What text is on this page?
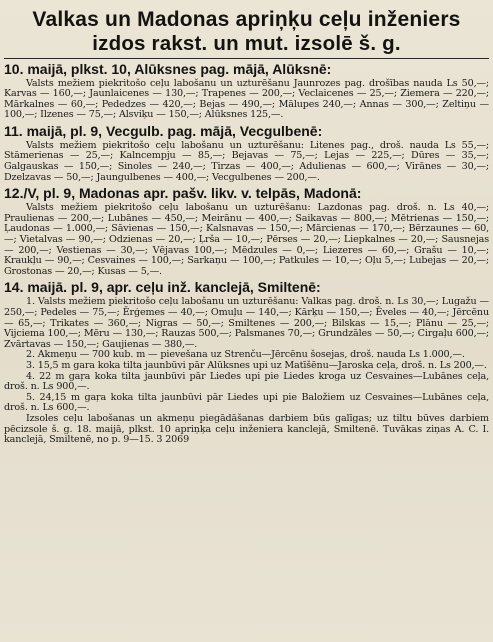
Valkas un Madonas apriņķu ceļu inženiers
izdos rakst. un mut. izsolē š. g.
10. maijā, plkst. 10, Alūksnes pag. mājā, Alūksnē:

Valsts mežiem piekritošo ceļu labošanu un uzturēšanu Jaunrozes pag. drošības nauda Ls 50,—; Karvas — 160,—; Jaunlaicenes — 130,—; Trapenes — 200,—; Veclaicenes — 25,—; Ziemera — 220,—; Mārkalnes — 60,—; Pededzes — 420,—; Bejas — 490,—; Mālupes 240,—; Annas — 300,—; Zeltiņu — 100,—; Ilzenes — 75,—; Alsviķu — 150,—; Alūksnes 125,—.

11. maijā, pl. 9, Vecgulb. pag. mājā, Vecgulbenē:

Valsts mežiem piekritošo ceļu labošanu un uzturēšanu: Litenes pag., droš. nauda Ls 55,—; Stāmerienas — 25,—; Kalncempju — 85,—; Bejavas — 75,—; Lejas — 225,—; Dūres — 35,—; Galgauskas — 150,—; Sinoles — 240,—; Tirzas — 400,—; Adulienas — 600,—; Virānes — 30,—; Dzelzavas — 50,—; Jaungulbenes — 400,—; Vecgulbenes — 200,—.

12./V, pl. 9, Madonas apr. pašv. likv. v. telpās, Madonā:

Valsts mežiem piekritošo ceļu labošanu un uzturēšanu: Lazdonas pag. droš. n. Ls 40,—; Praulienas — 200,—; Lubānes — 450,—; Meirānu — 400,—; Saikavas — 800,—; Mētrienas — 150,—; Ļaudonas — 1.000,—; Sāvienas — 150,—; Kalsnavas — 150,—; Mārcienas — 170,—; Bērzaunes — 60,—; Vietalvas — 90,—; Odzienas — 20,—; Ļrša — 10,—; Pērses — 20,—; Liepkalnes — 20,—; Sausnejas — 200,—; Vestienas — 30,—; Vējavas 100,—; Mēdzules — 0,—; Liezeres — 60,—; Grašu — 10,—; Kraukļu — 90,—; Cesvaines — 100,—; Sarkaņu — 100,—; Patkules — 10,—; Oļu 5,—; Lubejas — 20,—; Grostonas — 20,—; Kusas — 5,—.

14. maijā. pl. 9, apr. ceļu inž. kanclejā, Smiltenē:

1. Valsts mežiem piekritošo ceļu labošanu un uzturēšanu: Valkas pag. droš. n. Ls 30,—; Lugažu — 250,—; Pedeles — 75,—; Ērģemes — 40,—; Omuļu — 140,—; Kārķu — 150,—; Ēveles — 40,—; Jērcēnu — 65,—; Trikates — 360,—; Nigras — 50,—; Smiltenes — 200,—; Bilskas — 15,—; Plānu — 25,—; Vijciema 100,—; Mēru — 130,—; Rauzas 500,—; Palsmanes 70,—; Grundzāles — 50,—; Cirgaļu 600,—; Zvārtavas — 150,—; Gaujienas — 380,—.

2. Akmeņu — 700 kub. m — pievešana uz Strenču—Jērcēnu šosejas, droš. nauda Ls 1.000,—.

3. 15,5 m gara koka tilta jaunbūvi pār Alūksnes upi uz Matīšēnu—Jaroska ceļa, droš. n. Ls 200,—.

4. 22 m gaŗa koka tilta jaunbūvi pār Liedes upi pie Liedes kroga uz Cesvaines—Lubānes ceļa, droš. n. Ls 900,—.

5. 24,15 m gaŗa koka tilta jaunbūvi pār Liedes upi pie Baložiem uz Cesvaines—Lubānes ceļa, droš. n. Ls 600,—.

Izsoles ceļu labošanas un akmeņu piegādāšanas darbiem būs galīgas; uz tiltu būves darbiem pēcizsole š. g. 18. maijā, plkst. 10 apriņķa ceļu inženiera kanclejā, Smiltenē. Tuvākas ziņas A. C. I. kanclejā, Smiltenē, no p. 9—15. 3 2069
